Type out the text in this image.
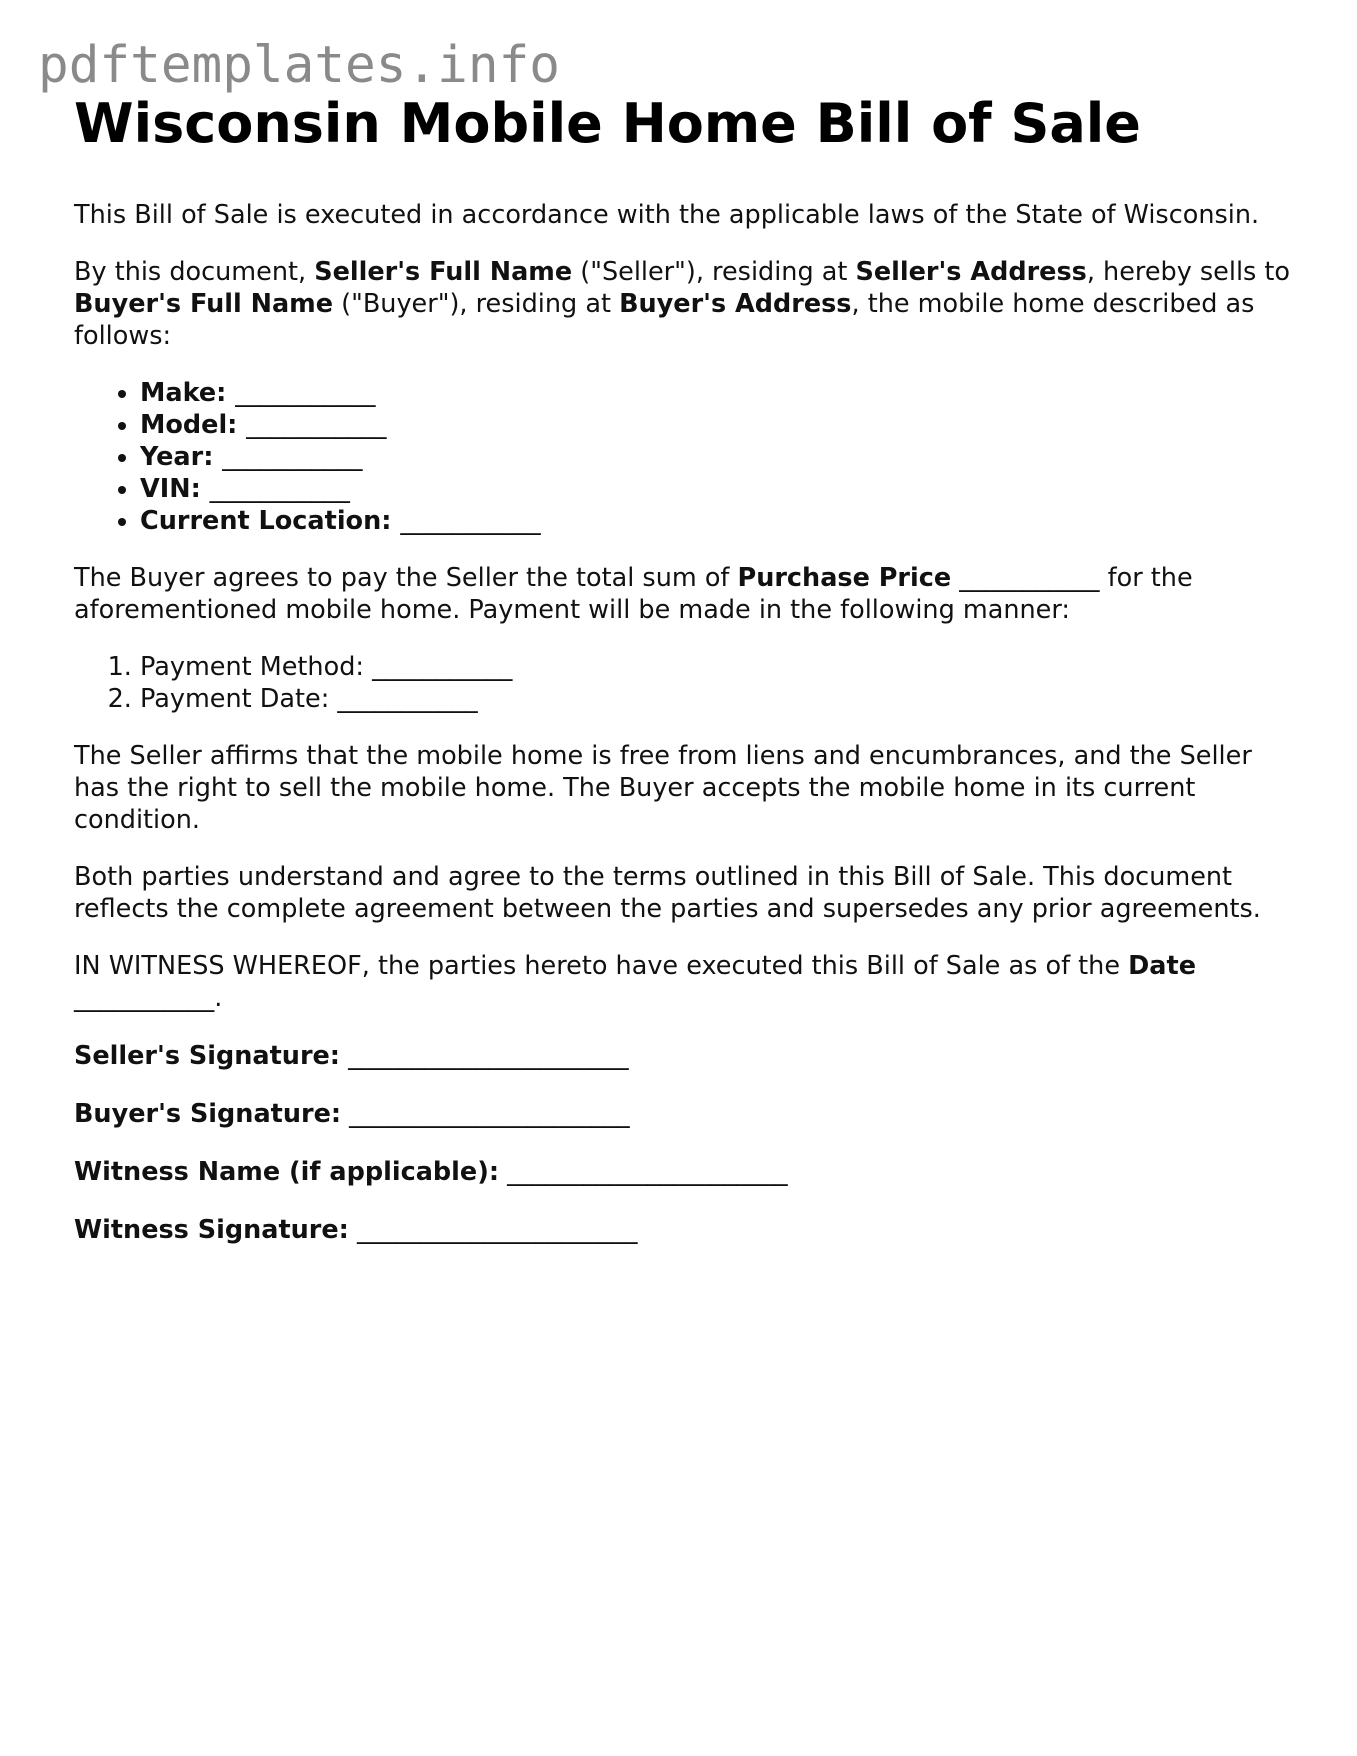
pdftemplates.info
Wisconsin Mobile Home Bill of Sale

This Bill of Sale is executed in accordance with the applicable laws of the State of Wisconsin.

By this document, Seller's Full Name ("Seller"), residing at Seller's Address, hereby sells to Buyer's Full Name ("Buyer"), residing at Buyer's Address, the mobile home described as follows:

• Make: ___________
• Model: ___________
• Year: ___________
• VIN: ___________
• Current Location: ___________

The Buyer agrees to pay the Seller the total sum of Purchase Price ___________ for the aforementioned mobile home. Payment will be made in the following manner:

1. Payment Method: ___________
2. Payment Date: ___________

The Seller affirms that the mobile home is free from liens and encumbrances, and the Seller has the right to sell the mobile home. The Buyer accepts the mobile home in its current condition.

Both parties understand and agree to the terms outlined in this Bill of Sale. This document reflects the complete agreement between the parties and supersedes any prior agreements.

IN WITNESS WHEREOF, the parties hereto have executed this Bill of Sale as of the Date ___________.

Seller's Signature: ______________________
Buyer's Signature: ______________________
Witness Name (if applicable): ______________________
Witness Signature: ______________________
